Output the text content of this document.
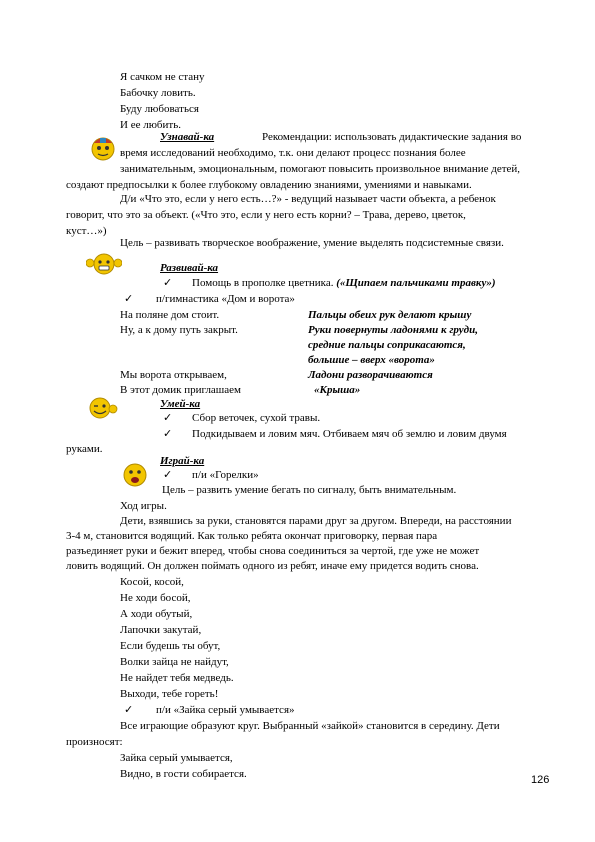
Я сачком не стану
Бабочку ловить.
Буду любоваться
И ее любить.
Узнавай-ка	Рекомендации: использовать дидактические задания во
время исследований необходимо, т.к. они делают процесс познания более
занимательным, эмоциональным, помогают повысить произвольное внимание детей,
создают предпосылки к более глубокому овладению знаниями, умениями и навыками.
Д/и «Что это, если у него есть…?» - ведущий называет части объекта, а ребенок
говорит, что это за объект. («Что это, если у него есть корни? – Трава, дерево, цветок,
куст…»)
Цель – развивать творческое воображение, умение выделять подсистемные связи.
Развивай-ка
✓ Помощь в прополке цветника. («Щипаем пальчиками травку»)
✓ п/гимнастика «Дом и ворота»
На поляне дом стоит.	Пальцы обеих рук делают крышу
Ну, а к дому путь закрыт.	Руки повернуты ладонями к груди,
средние пальцы соприкасаются,
большие – вверх «ворота»
Мы ворота открываем,	Ладони разворачиваются
В этот домик приглашаем	«Крыша»
Умей-ка
✓ Сбор веточек, сухой травы.
✓ Подкидываем и ловим мяч. Отбиваем мяч об землю и ловим двумя
руками.
Играй-ка
✓ п/и «Горелки»
Цель – развить умение бегать по сигналу, быть внимательным.
Ход игры.
Дети, взявшись за руки, становятся парами друг за другом. Впереди, на расстоянии
3-4 м, становится водящий. Как только ребята окончат приговорку, первая пара
разъединяет руки и бежит вперед, чтобы снова соединиться за чертой, где уже не может
ловить водящий. Он должен поймать одного из ребят, иначе ему придется водить снова.
Косой, косой,
Не ходи босой,
А ходи обутый,
Лапочки закутай,
Если будешь ты обут,
Волки зайца не найдут,
Не найдет тебя медведь.
Выходи, тебе гореть!
✓ п/и «Зайка серый умывается»
Все играющие образуют круг. Выбранный «зайкой» становится в середину. Дети
произносят:
Зайка серый умывается,
Видно, в гости собирается.	126
